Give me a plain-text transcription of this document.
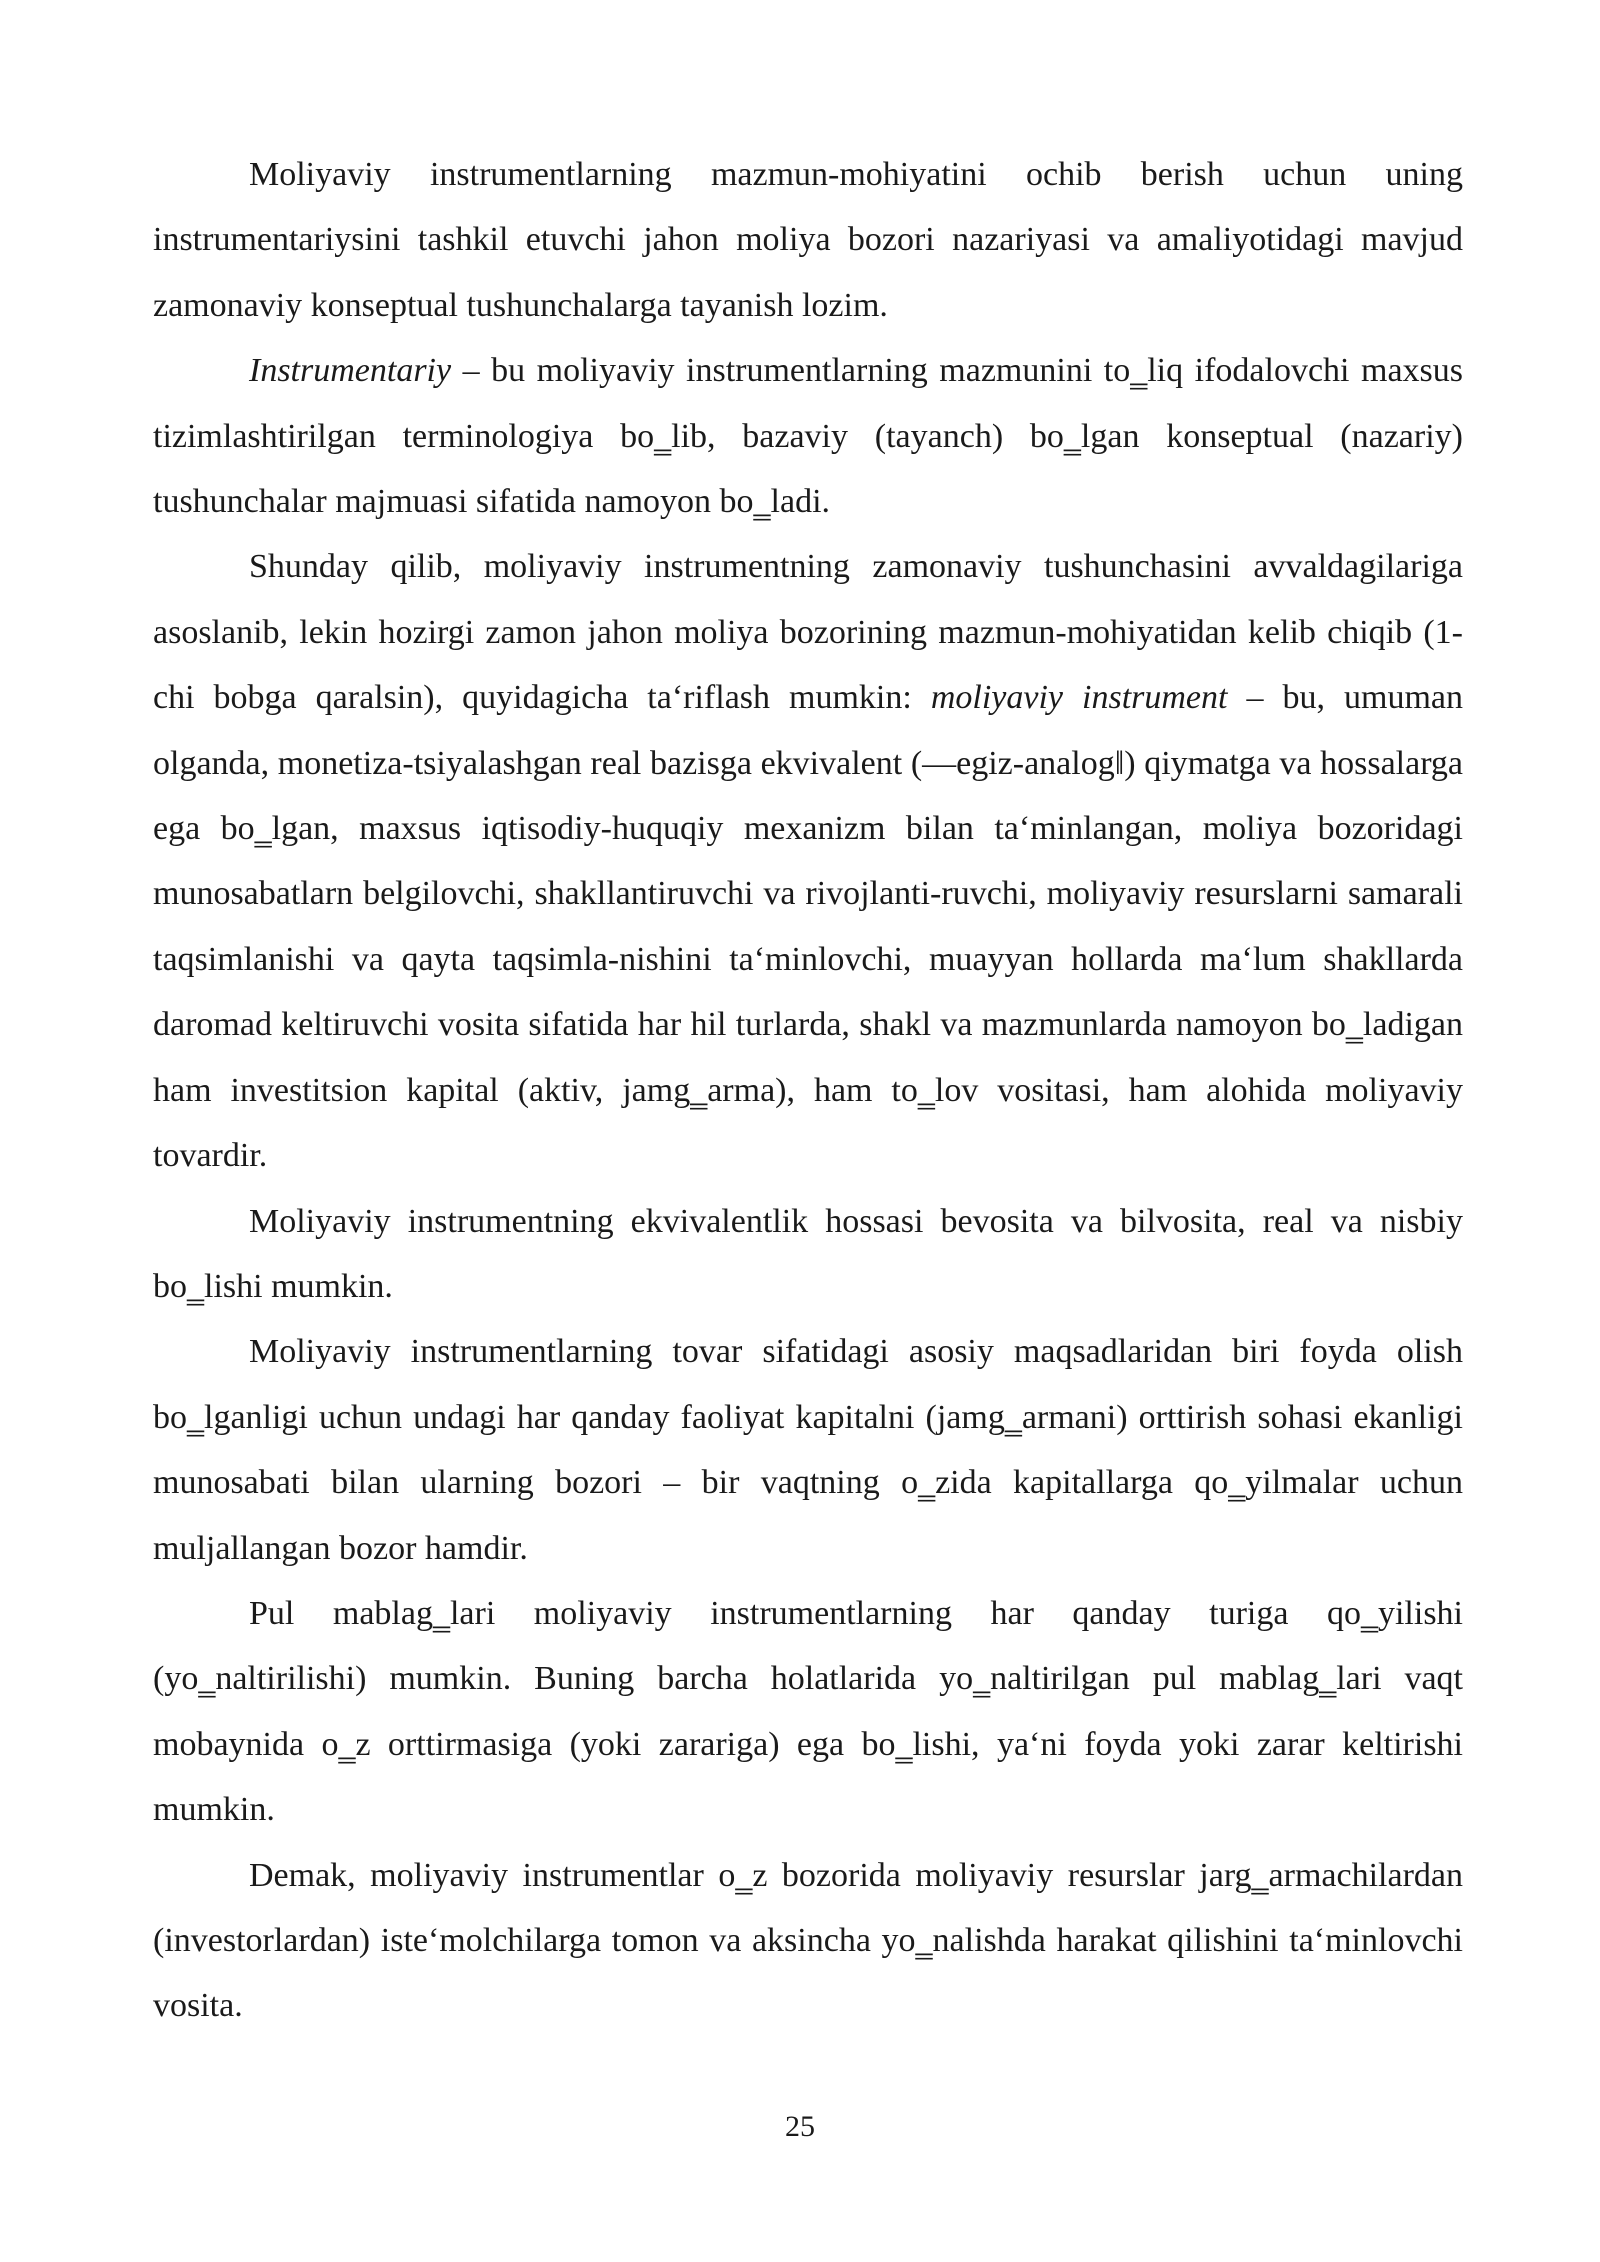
Moliyaviy instrumentlarning mazmun-mohiyatini ochib berish uchun uning instrumentariysini tashkil etuvchi jahon moliya bozori nazariyasi va amaliyotidagi mavjud zamonaviy konseptual tushunchalarga tayanish lozim.

Instrumentariy – bu moliyaviy instrumentlarning mazmunini to‗liq ifodalovchi maxsus tizimlashtirilgan terminologiya bo‗lib, bazaviy (tayanch) bo‗lgan konseptual (nazariy) tushunchalar majmuasi sifatida namoyon bo‗ladi.

Shunday qilib, moliyaviy instrumentning zamonaviy tushunchasini avvaldagilariga asoslanib, lekin hozirgi zamon jahon moliya bozorining mazmun-mohiyatidan kelib chiqib (1-chi bobga qaralsin), quyidagicha ta‘riflash mumkin: moliyaviy instrument – bu, umuman olganda, monetiza-tsiyalashgan real bazisga ekvivalent (―egiz-analog‖) qiymatga va hossalarga ega bo‗lgan, maxsus iqtisodiy-huquqiy mexanizm bilan ta‘minlangan, moliya bozoridagi munosabatlarn belgilovchi, shakllantiruvchi va rivojlanti-ruvchi, moliyaviy resurslarni samarali taqsimlanishi va qayta taqsimla-nishini ta‘minlovchi, muayyan hollarda ma‘lum shakllarda daromad keltiruvchi vosita sifatida har hil turlarda, shakl va mazmunlarda namoyon bo‗ladigan ham investitsion kapital (aktiv, jamg‗arma), ham to‗lov vositasi, ham alohida moliyaviy tovardir.

Moliyaviy instrumentning ekvivalentlik hossasi bevosita va bilvosita, real va nisbiy bo‗lishi mumkin.

Moliyaviy instrumentlarning tovar sifatidagi asosiy maqsadlaridan biri foyda olish bo‗lganligi uchun undagi har qanday faoliyat kapitalni (jamg‗armani) orttirish sohasi ekanligi munosabati bilan ularning bozori – bir vaqtning o‗zida kapitallarga qo‗yilmalar uchun muljallangan bozor hamdir.

Pul mablag‗lari moliyaviy instrumentlarning har qanday turiga qo‗yilishi (yo‗naltirilishi) mumkin. Buning barcha holatlarida yo‗naltirilgan pul mablag‗lari vaqt mobaynida o‗z orttirmasiga (yoki zarariga) ega bo‗lishi, ya‘ni foyda yoki zarar keltirishi mumkin.

Demak, moliyaviy instrumentlar o‗z bozorida moliyaviy resurslar jarg‗armachilardan (investorlardan) iste‘molchilarga tomon va aksincha yo‗nalishda harakat qilishini ta‘minlovchi vosita.

25
